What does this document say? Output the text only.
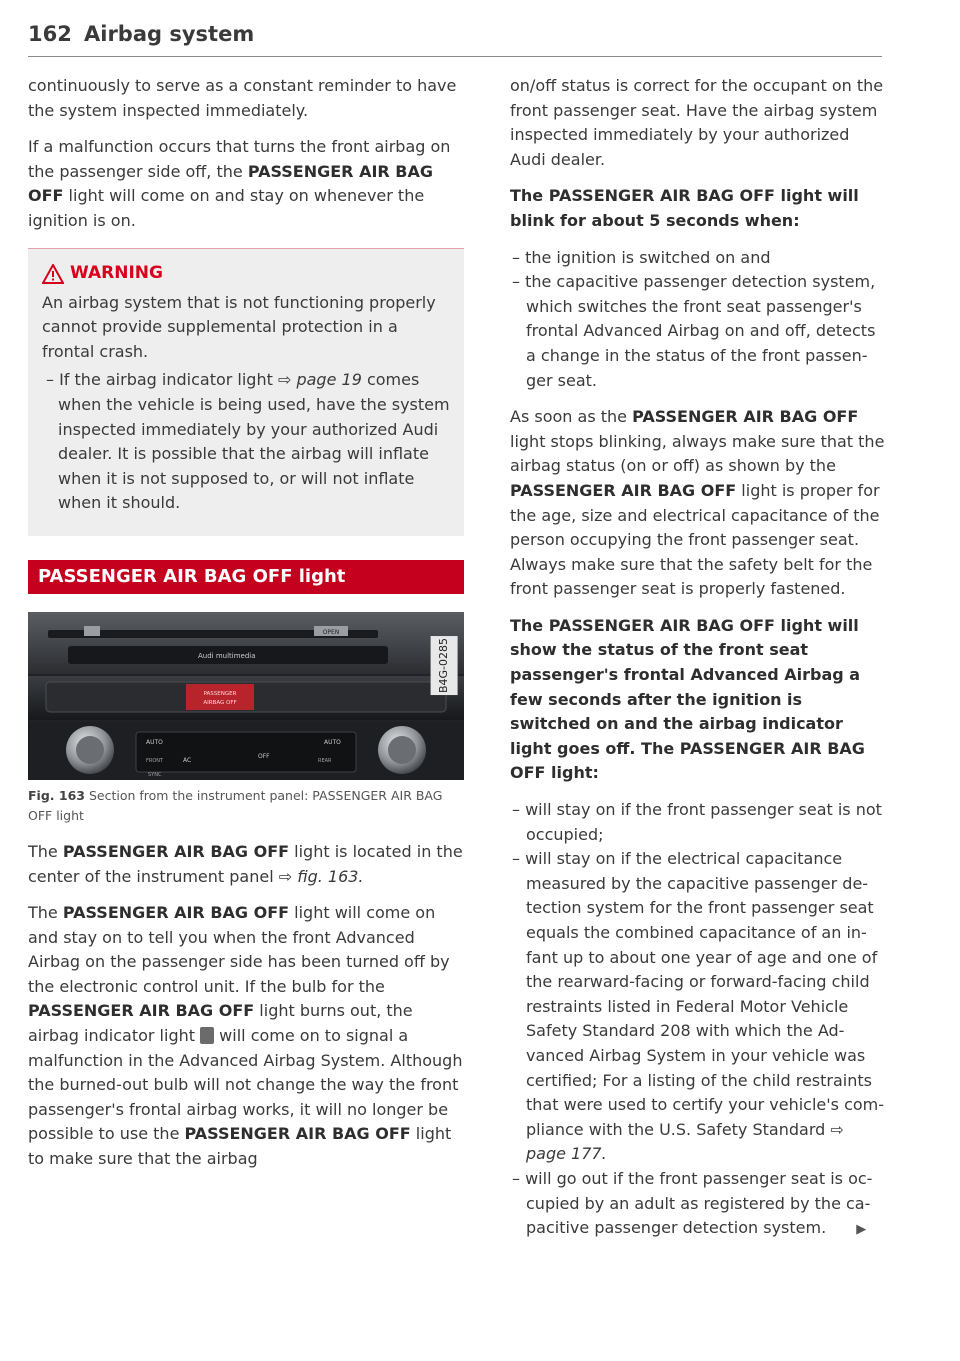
162 Airbag system

continuously to serve as a constant reminder to have the system inspected immediately.

If a malfunction occurs that turns the front airbag on the passenger side off, the PASSENGER AIR BAG OFF light will come on and stay on whenever the ignition is on.

WARNING

An airbag system that is not functioning properly cannot provide supplemental protection in a frontal crash.

– If the airbag indicator light ⇨ page 19 comes when the vehicle is being used, have the system inspected immediately by your authorized Audi dealer. It is possible that the airbag will inflate when it is not supposed to, or will not inflate when it should.

PASSENGER AIR BAG OFF light
OPEN
Audi multimedia
PASSENGER
AIRBAG OFF
AUTO	AUTO
FRONT	AC
OFF
REAR
SYNC
B4G-0285
Fig. 163 Section from the instrument panel: PASSENGER AIR BAG OFF light

The PASSENGER AIR BAG OFF light is located in the center of the instrument panel ⇨ fig. 163.

The PASSENGER AIR BAG OFF light will come on and stay on to tell you when the front Advanced Airbag on the passenger side has been turned off by the electronic control unit. If the bulb for the PASSENGER AIR BAG OFF light burns out, the airbag indicator light  will come on to signal a malfunction in the Advanced Airbag System. Although the burned-out bulb will not change the way the front passenger's frontal airbag works, it will no longer be possible to use the PASSENGER AIR BAG OFF light to make sure that the airbag

on/off status is correct for the occupant on the front passenger seat. Have the airbag system inspected immediately by your authorized Audi dealer.

The PASSENGER AIR BAG OFF light will blink for about 5 seconds when:

– the ignition is switched on and
– the capacitive passenger detection system, which switches the front seat passenger's frontal Advanced Airbag on and off, detects a change in the status of the front passenger seat.

As soon as the PASSENGER AIR BAG OFF light stops blinking, always make sure that the airbag status (on or off) as shown by the PASSENGER AIR BAG OFF light is proper for the age, size and electrical capacitance of the person occupying the front passenger seat. Always make sure that the safety belt for the front passenger seat is properly fastened.

The PASSENGER AIR BAG OFF light will show the status of the front seat passenger's frontal Advanced Airbag a few seconds after the ignition is switched on and the airbag indicator light goes off. The PASSENGER AIR BAG OFF light:

– will stay on if the front passenger seat is not occupied;
– will stay on if the electrical capacitance measured by the capacitive passenger detection system for the front passenger seat equals the combined capacitance of an infant up to about one year of age and one of the rearward-facing or forward-facing child restraints listed in Federal Motor Vehicle Safety Standard 208 with which the Advanced Airbag System in your vehicle was certified; For a listing of the child restraints that were used to certify your vehicle's compliance with the U.S. Safety Standard ⇨ page 177.
– will go out if the front passenger seat is occupied by an adult as registered by the capacitive passenger detection system. ▶
